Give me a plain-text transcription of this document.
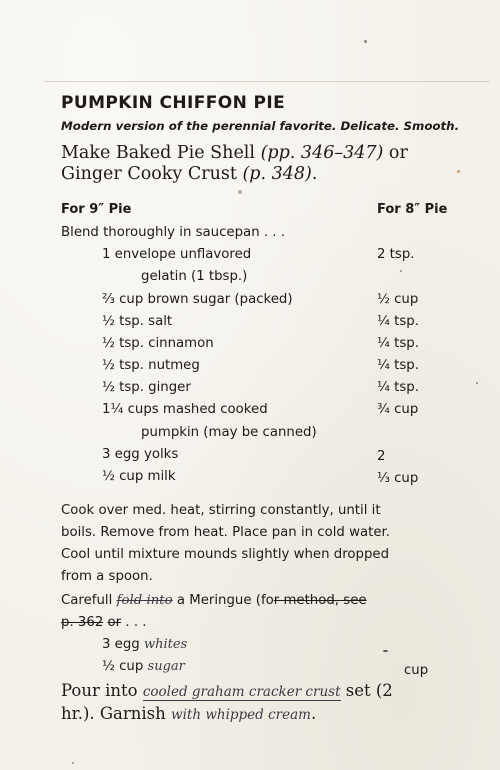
PUMPKIN CHIFFON PIE
Modern version of the perennial favorite. Delicate. Smooth.
Make Baked Pie Shell (pp. 346–347) or
Ginger Cooky Crust (p. 348).
For 9″ Pie	For 8″ Pie
Blend thoroughly in saucepan . . .
1 envelope unflavored	2 tsp.
gelatin (1 tbsp.)
⅔ cup brown sugar (packed)	½ cup
½ tsp. salt	¼ tsp.
½ tsp. cinnamon	¼ tsp.
½ tsp. nutmeg	¼ tsp.
½ tsp. ginger	¼ tsp.
1¼ cups mashed cooked	¾ cup
pumpkin (may be canned)
3 egg yolks	2
½ cup milk	⅓ cup
Cook over med. heat, stirring constantly, until it
boils. Remove from heat. Place pan in cold water.
Cool until mixture mounds slightly when dropped
from a spoon.
Carefull fold into a Meringue (for method, see
p. 362 or . . .
3 egg whites
½ cup sugar	cup
Pour into cooled graham cracker crust set (2
hr.). Garnish with whipped cream.
